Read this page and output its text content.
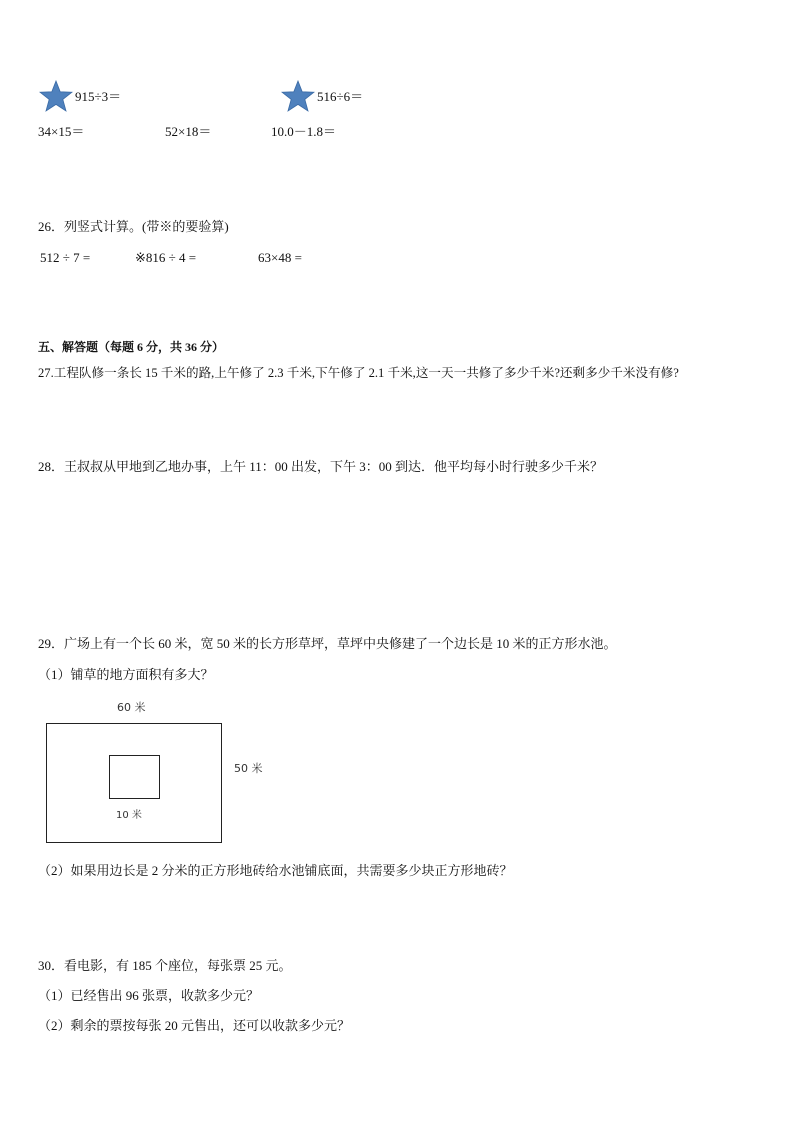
915÷3＝	516÷6＝
34×15＝	52×18＝	10.0－1.8＝
26．列竖式计算。(带※的要验算)
512 ÷ 7 =	※816 ÷ 4 =	63×48 =
五、解答题（每题 6 分，共 36 分）
27.工程队修一条长 15 千米的路,上午修了 2.3 千米,下午修了 2.1 千米,这一天一共修了多少千米?还剩多少千米没有修?
28．王叔叔从甲地到乙地办事，上午 11：00 出发，下午 3：00 到达．他平均每小时行驶多少千米？
29．广场上有一个长 60 米，宽 50 米的长方形草坪，草坪中央修建了一个边长是 10 米的正方形水池。
（1）铺草的地方面积有多大？
60 米
50 米
10 米
（2）如果用边长是 2 分米的正方形地砖给水池铺底面，共需要多少块正方形地砖？
30．看电影，有 185 个座位，每张票 25 元。
（1）已经售出 96 张票，收款多少元？
（2）剩余的票按每张 20 元售出，还可以收款多少元？
